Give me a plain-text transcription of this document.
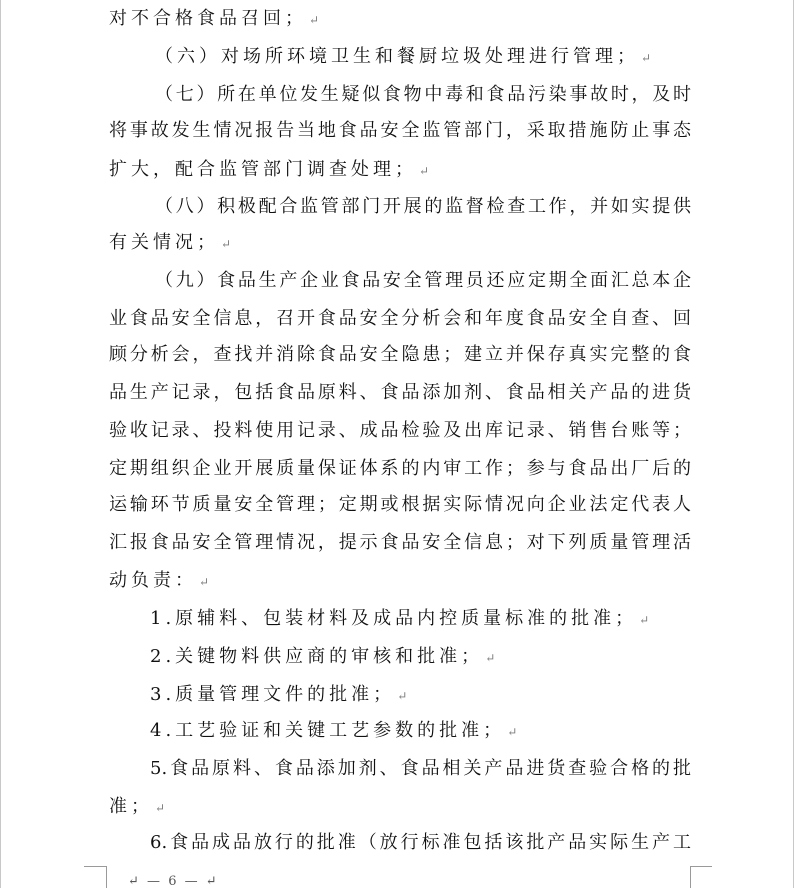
对不合格食品召回； ↵
（六）对场所环境卫生和餐厨垃圾处理进行管理； ↵
（七）所在单位发生疑似食物中毒和食品污染事故时，及时
将事故发生情况报告当地食品安全监管部门，采取措施防止事态
扩大，配合监管部门调查处理； ↵
（八）积极配合监管部门开展的监督检查工作，并如实提供
有关情况； ↵
（九）食品生产企业食品安全管理员还应定期全面汇总本企
业食品安全信息，召开食品安全分析会和年度食品安全自查、回
顾分析会，查找并消除食品安全隐患；建立并保存真实完整的食
品生产记录，包括食品原料、食品添加剂、食品相关产品的进货
验收记录、投料使用记录、成品检验及出库记录、销售台账等；
定期组织企业开展质量保证体系的内审工作；参与食品出厂后的
运输环节质量安全管理；定期或根据实际情况向企业法定代表人
汇报食品安全管理情况，提示食品安全信息；对下列质量管理活
动负责： ↵
1.原辅料、包装材料及成品内控质量标准的批准； ↵
2.关键物料供应商的审核和批准； ↵
3.质量管理文件的批准； ↵
4.工艺验证和关键工艺参数的批准； ↵
5.食品原料、食品添加剂、食品相关产品进货查验合格的批
准； ↵
6.食品成品放行的批准（放行标准包括该批产品实际生产工
↵ — 6 — ↵
